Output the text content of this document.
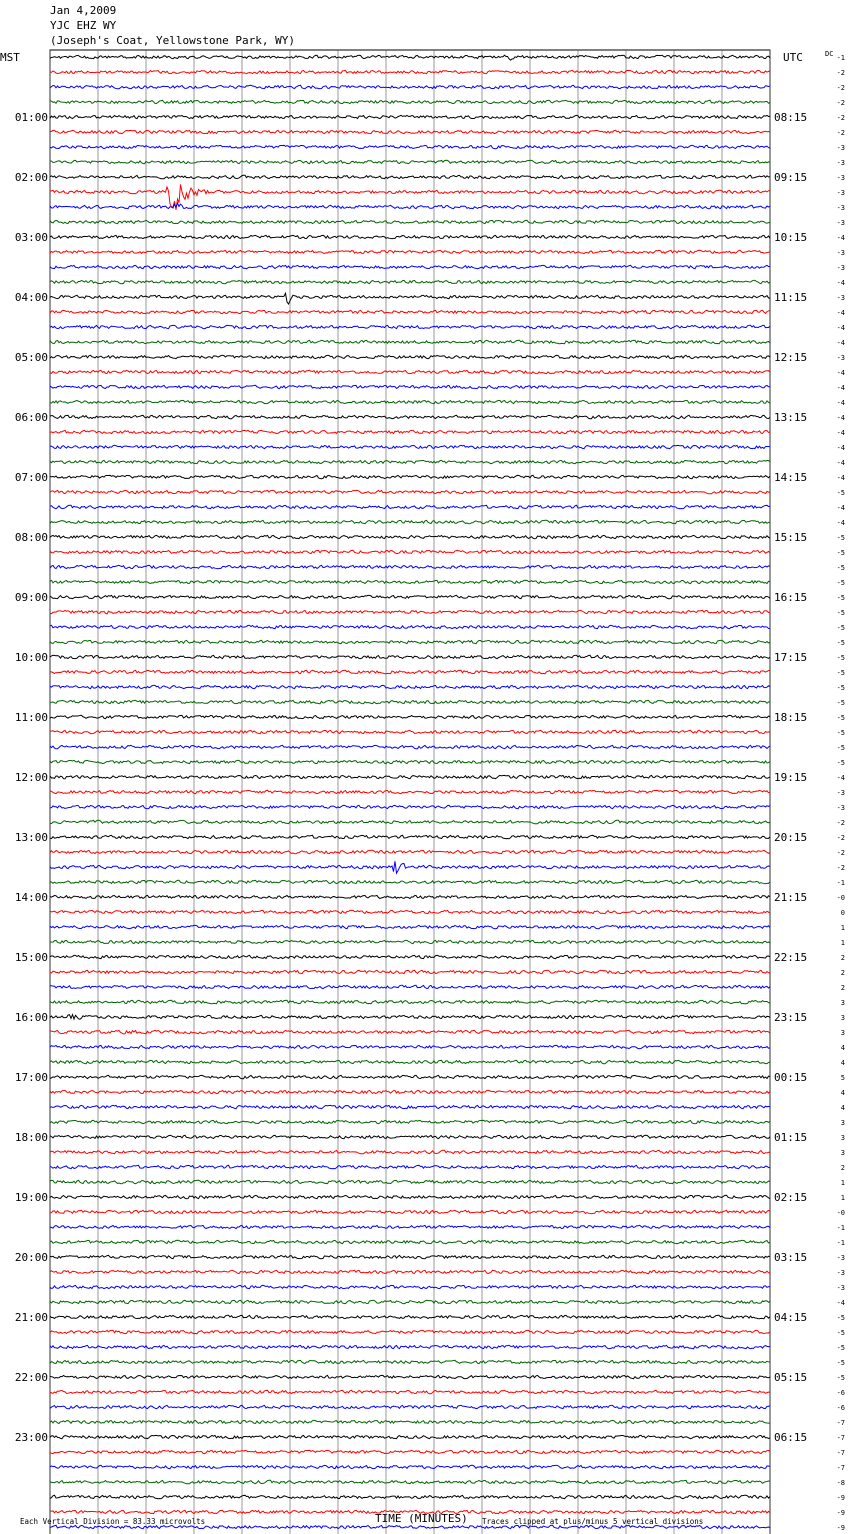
Jan 4,2009
YJC EHZ WY
(Joseph's Coat, Yellowstone Park, WY)
MST	UTC	DC
TIME (MINUTES)
Each Vertical Division = 83.33 microvolts	Traces clipped at plus/minus 5 vertical divisions
-1
-2
-2
-2
-2
-2
-3
-3
-3
-3
-3
-3
-4
-3
-3
-4
-3
-4
-4
-4
-3
-4
-4
-4
-4
-4
-4
-4
-4
-5
-4
-4
-5
-5
-5
-5
-5
-5
-5
-5
-5
-5
-5
-5
-5
-5
-5
-5
-4
-3
-3
-2
-2
-2
-2
-1
-0
0
1
1
2
2
2
3
3
3
4
4
5
4
4
3
3
3
2
1
1
-0
-1
-1
-3
-3
-3
-4
-5
-5
-5
-5
-5
-6
-6
-7
-7
-7
-7
-8
-9
-9
-9
01:00
02:00
03:00
04:00
05:00
06:00
07:00
08:00
09:00
10:00
11:00
12:00
13:00
14:00
15:00
16:00
17:00
18:00
19:00
20:00
21:00
22:00
23:00
08:15
09:15
10:15
11:15
12:15
13:15
14:15
15:15
16:15
17:15
18:15
19:15
20:15
21:15
22:15
23:15
00:15
01:15
02:15
03:15
04:15
05:15
06:15
